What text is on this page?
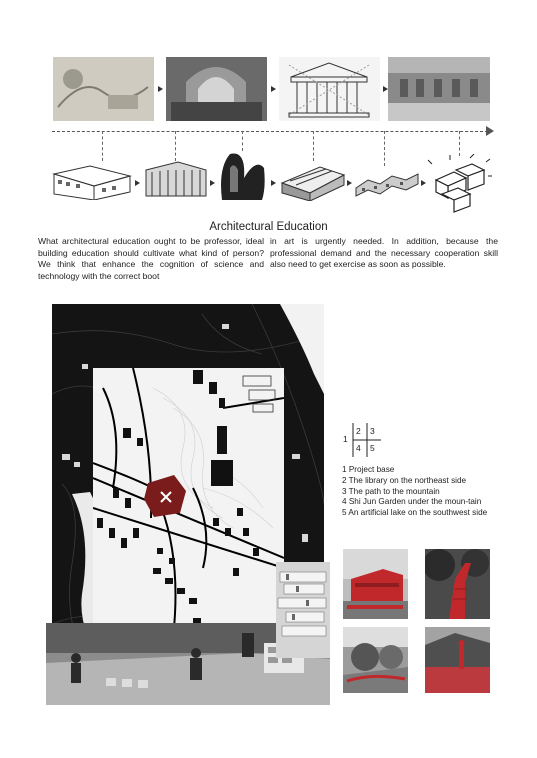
Architectural Education
What architectural education ought to be professor, ideal building education should cultivate what kind of person? We think that enhance the cognition of science and technology with the correct boot
in art is urgently needed. In addition, because the professional demand and the necessary cooperation skill also need to get exercise as soon as possible.
1
2 3
4 5
1 Project base
2 The library on the northeast side
3 The path to the mountain
4 Shi Jun Garden under the moun-tain
5 An artificial lake on the southwest side
